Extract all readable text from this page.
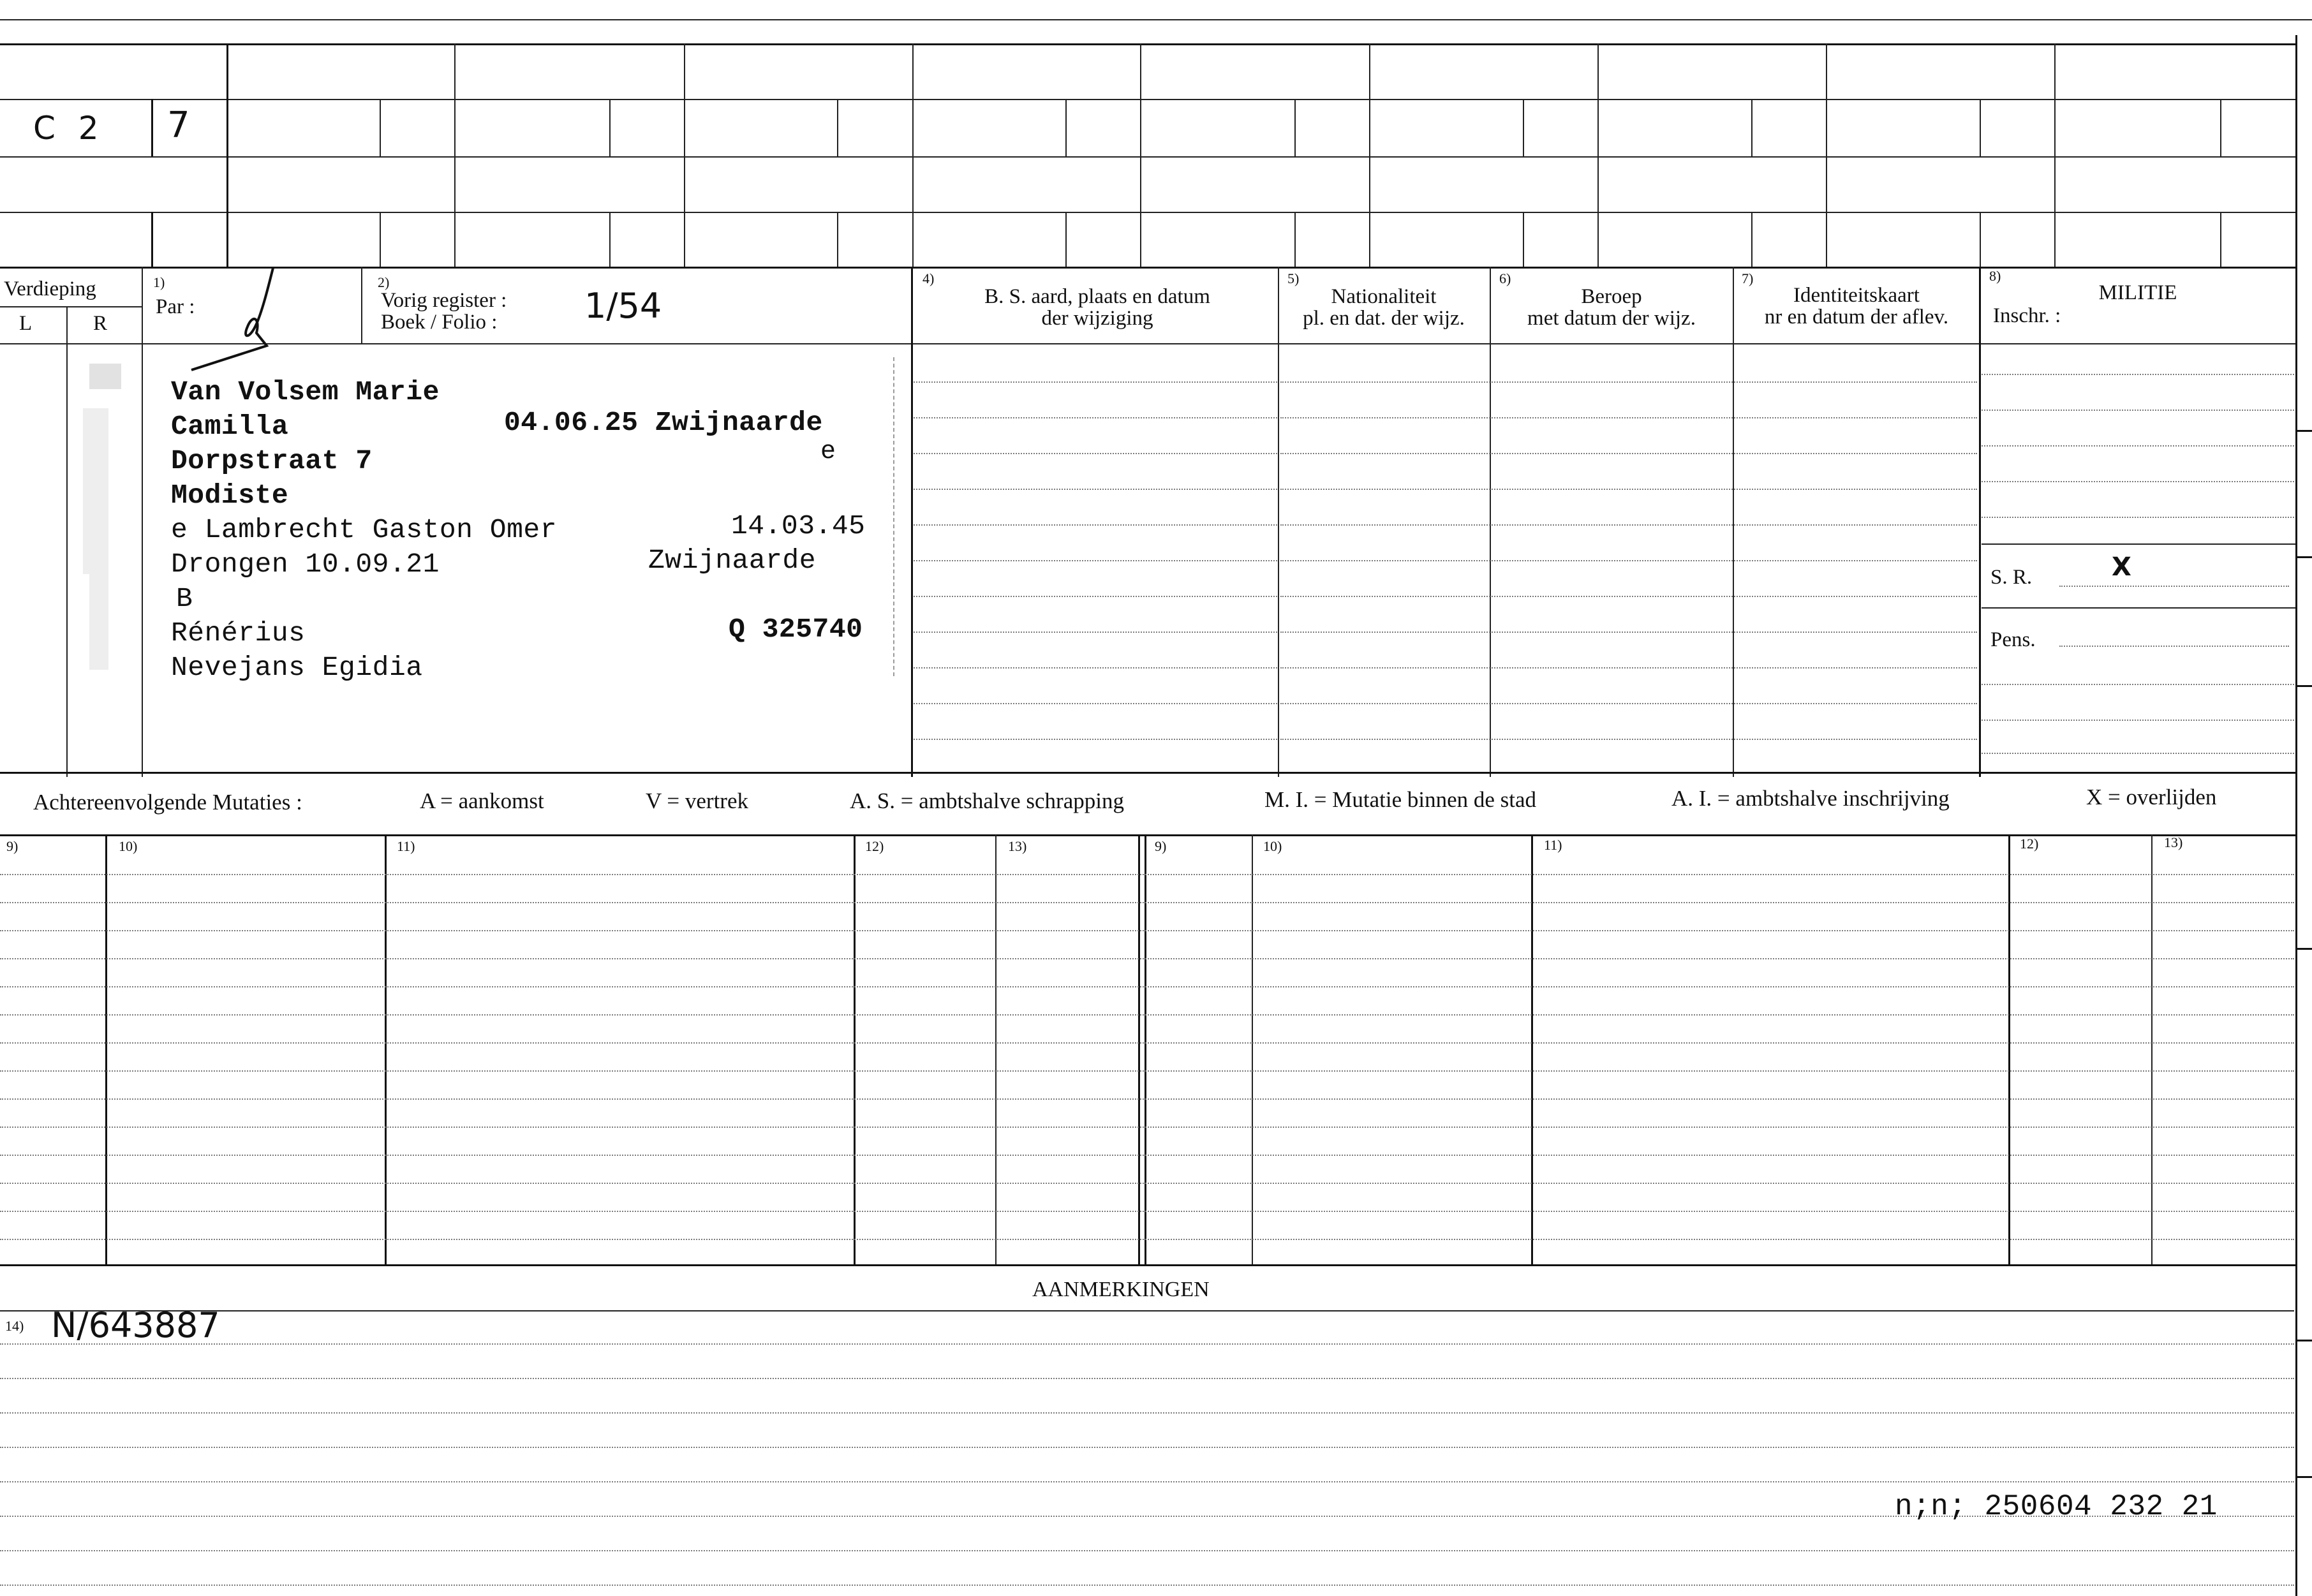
C 2 7
Verdieping
L	R
1)
Par :
2)
Vorig register :
Boek / Folio :	1/54
4)
B. S. aard, plaats en datum
der wijziging
5)
Nationaliteit
pl. en dat. der wijz.
6)
Beroep
met datum der wijz.
7)
Identiteitskaart
nr en datum der aflev.
8)
MILITIE
Inschr. :
Van Volsem Marie
Camilla	04.06.25 Zwijnaarde
Dorpstraat 7	e
Modiste
e Lambrecht Gaston Omer	14.03.45
Drongen 10.09.21	Zwijnaarde
B
Rénérius	Q 325740
Nevejans Egidia
S. R.	X
Pens.
Achtereenvolgende Mutaties :	A = aankomst	V = vertrek	A. S. = ambtshalve schrapping	M. I. = Mutatie binnen de stad	A. I. = ambtshalve inschrijving	X = overlijden
9)	10)	11)	12)	13)	9)	10)	11)	12)	13)
AANMERKINGEN
14) N/643887
n;n; 250604 232 21
